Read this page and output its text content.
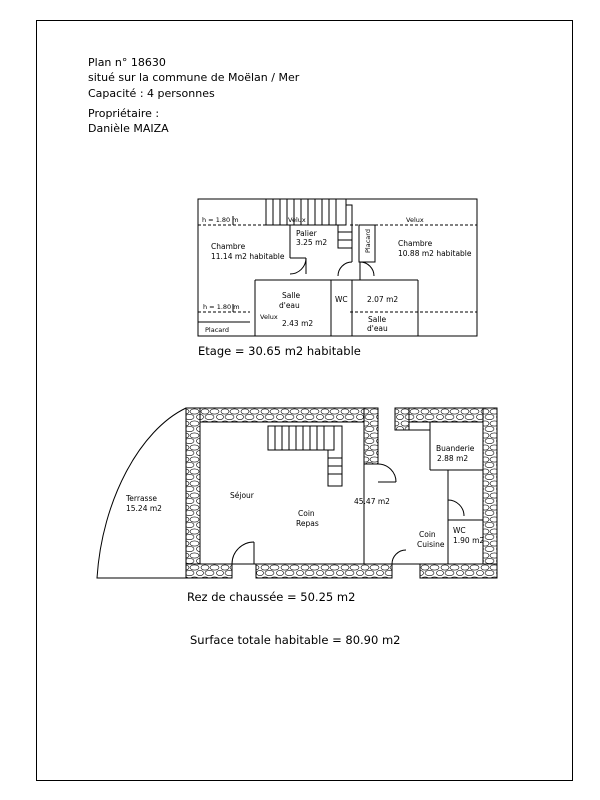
Plan n° 18630
situé sur la commune de Moëlan / Mer
Capacité : 4 personnes
Propriétaire :
Danièle MAIZA
h = 1.80 m
h = 1.80 m
Velux	Velux
Velux
Placard
Placard
Chambre
11.14 m2 habitable
Palier
3.25 m2	Chambre
10.88 m2 habitable
Salle
d'eau
2.43 m2
WC	2.07 m2
Salle
d'eau
Terrasse
15.24 m2
Séjour
45.47 m2
Coin
Repas
Buanderie
2.88 m2
Coin
Cuisine
WC
1.90 m2
Etage = 30.65 m2 habitable
Rez de chaussée = 50.25 m2
Surface totale habitable = 80.90 m2
